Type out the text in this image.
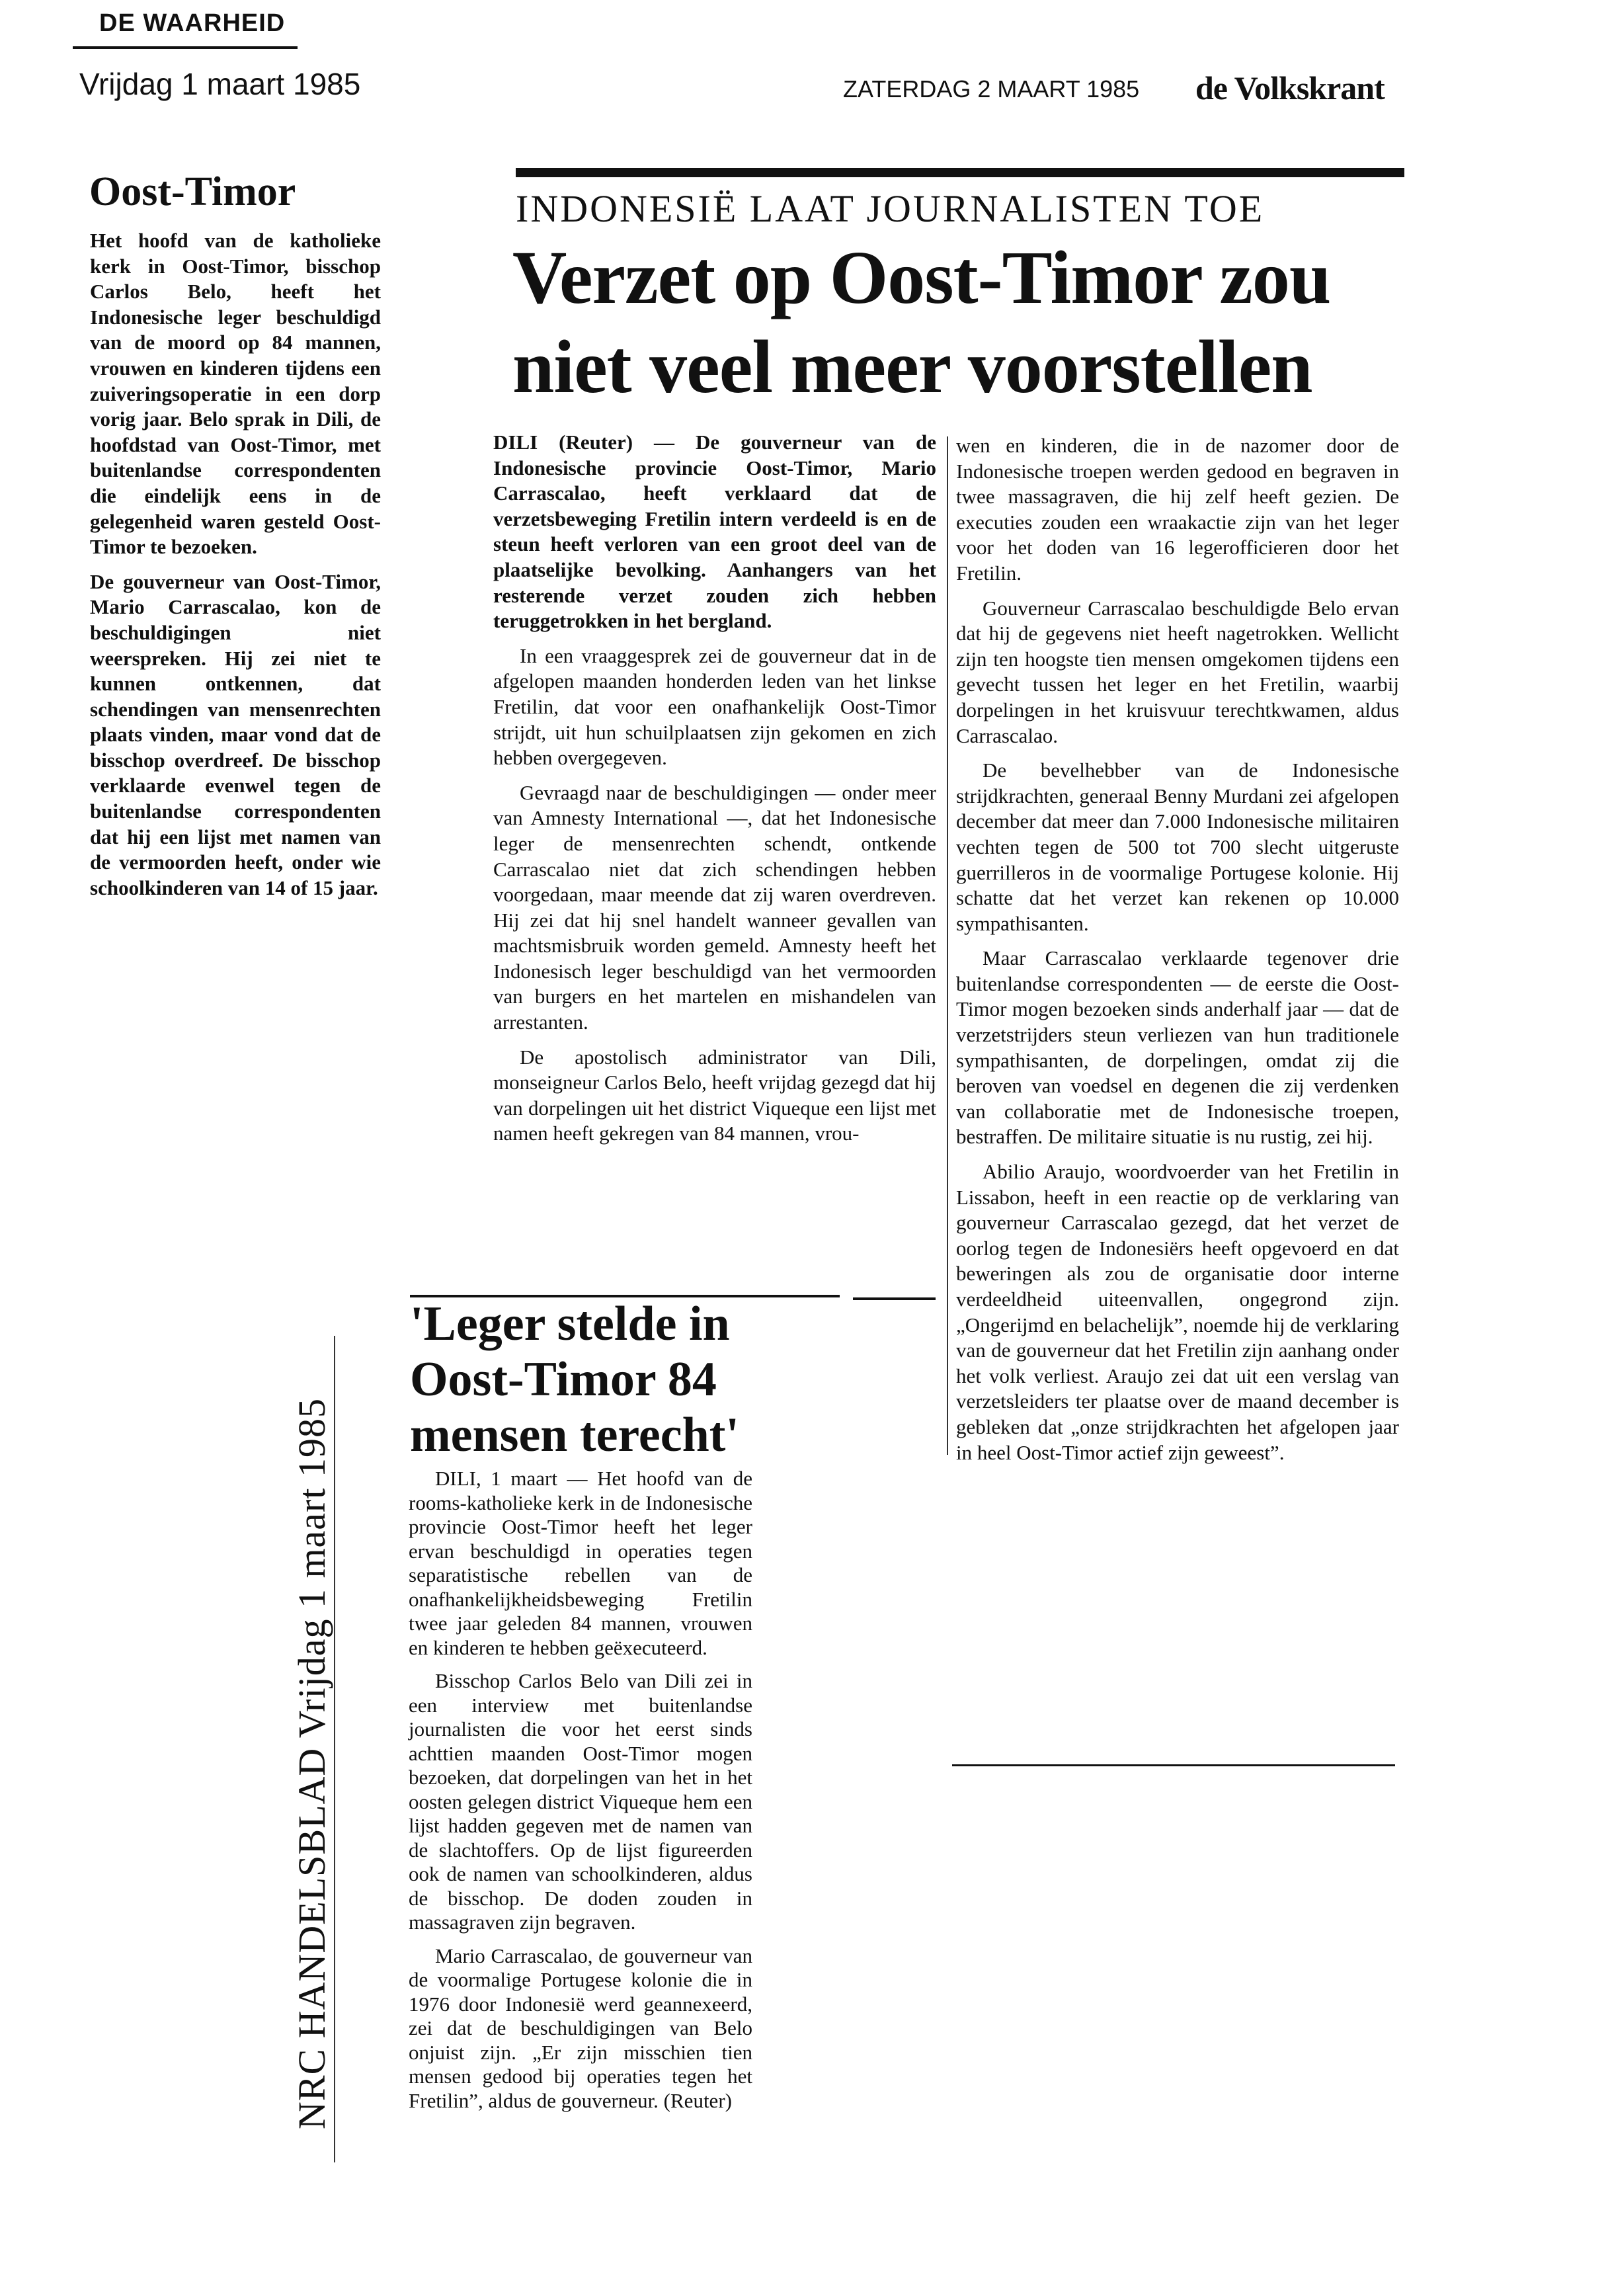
DE WAARHEID
Vrijdag 1 maart 1985
Oost-Timor

Het hoofd van de katholieke kerk in Oost-Timor, bisschop Carlos Belo, heeft het Indonesische leger beschuldigd van de moord op 84 mannen, vrouwen en kinderen tijdens een zuiveringsoperatie in een dorp vorig jaar. Belo sprak in Dili, de hoofdstad van Oost-Timor, met buitenlandse correspondenten die eindelijk eens in de gelegenheid waren gesteld Oost-Timor te bezoeken.

De gouverneur van Oost-Timor, Mario Carrascalao, kon de beschuldigingen niet weerspreken. Hij zei niet te kunnen ontkennen, dat schendingen van mensenrechten plaats vinden, maar vond dat de bisschop overdreef. De bisschop verklaarde evenwel tegen de buitenlandse correspondenten dat hij een lijst met namen van de vermoorden heeft, onder wie schoolkinderen van 14 of 15 jaar.

ZATERDAG 2 MAART 1985 de Volkskrant
INDONESIË LAAT JOURNALISTEN TOE
Verzet op Oost-Timor zou
niet veel meer voorstellen

DILI (Reuter) — De gouverneur van de Indonesische provincie Oost-Timor, Mario Carrascalao, heeft verklaard dat de verzetsbeweging Fretilin intern verdeeld is en de steun heeft verloren van een groot deel van de plaatselijke bevolking. Aanhangers van het resterende verzet zouden zich hebben teruggetrokken in het bergland.

In een vraaggesprek zei de gouverneur dat in de afgelopen maanden honderden leden van het linkse Fretilin, dat voor een onafhankelijk Oost-Timor strijdt, uit hun schuilplaatsen zijn gekomen en zich hebben overgegeven.

Gevraagd naar de beschuldigingen — onder meer van Amnesty International —, dat het Indonesische leger de mensenrechten schendt, ontkende Carrascalao niet dat zich schendingen hebben voorgedaan, maar meende dat zij waren overdreven. Hij zei dat hij snel handelt wanneer gevallen van machtsmisbruik worden gemeld. Amnesty heeft het Indonesisch leger beschuldigd van het vermoorden van burgers en het martelen en mishandelen van arrestanten.

De apostolisch administrator van Dili, monseigneur Carlos Belo, heeft vrijdag gezegd dat hij van dorpelingen uit het district Viqueque een lijst met namen heeft gekregen van 84 mannen, vrou-

wen en kinderen, die in de nazomer door de Indonesische troepen werden gedood en begraven in twee massagraven, die hij zelf heeft gezien. De executies zouden een wraakactie zijn van het leger voor het doden van 16 legerofficieren door het Fretilin.

Gouverneur Carrascalao beschuldigde Belo ervan dat hij de gegevens niet heeft nagetrokken. Wellicht zijn ten hoogste tien mensen omgekomen tijdens een gevecht tussen het leger en het Fretilin, waarbij dorpelingen in het kruisvuur terechtkwamen, aldus Carrascalao.

De bevelhebber van de Indonesische strijdkrachten, generaal Benny Murdani zei afgelopen december dat meer dan 7.000 Indonesische militairen vechten tegen de 500 tot 700 slecht uitgeruste guerrilleros in de voormalige Portugese kolonie. Hij schatte dat het verzet kan rekenen op 10.000 sympathisanten.

Maar Carrascalao verklaarde tegenover drie buitenlandse correspondenten — de eerste die Oost-Timor mogen bezoeken sinds anderhalf jaar — dat de verzetstrijders steun verliezen van hun traditionele sympathisanten, de dorpelingen, omdat zij die beroven van voedsel en degenen die zij verdenken van collaboratie met de Indonesische troepen, bestraffen. De militaire situatie is nu rustig, zei hij.

Abilio Araujo, woordvoerder van het Fretilin in Lissabon, heeft in een reactie op de verklaring van gouverneur Carrascalao gezegd, dat het verzet de oorlog tegen de Indonesiërs heeft opgevoerd en dat beweringen als zou de organisatie door interne verdeeldheid uiteenvallen, ongegrond zijn. „Ongerijmd en belachelijk”, noemde hij de verklaring van de gouverneur dat het Fretilin zijn aanhang onder het volk verliest. Araujo zei dat uit een verslag van verzetsleiders ter plaatse over de maand december is gebleken dat „onze strijdkrachten het afgelopen jaar in heel Oost-Timor actief zijn geweest”.

NRC HANDELSBLAD Vrijdag 1 maart 1985
'Leger stelde in
Oost-Timor 84
mensen terecht'

DILI, 1 maart — Het hoofd van de rooms-katholieke kerk in de Indonesische provincie Oost-Timor heeft het leger ervan beschuldigd in operaties tegen separatistische rebellen van de onafhankelijkheidsbeweging Fretilin twee jaar geleden 84 mannen, vrouwen en kinderen te hebben geëxecuteerd.

Bisschop Carlos Belo van Dili zei in een interview met buitenlandse journalisten die voor het eerst sinds achttien maanden Oost-Timor mogen bezoeken, dat dorpelingen van het in het oosten gelegen district Viqueque hem een lijst hadden gegeven met de namen van de slachtoffers. Op de lijst figureerden ook de namen van schoolkinderen, aldus de bisschop. De doden zouden in massagraven zijn begraven.

Mario Carrascalao, de gouverneur van de voormalige Portugese kolonie die in 1976 door Indonesië werd geannexeerd, zei dat de beschuldigingen van Belo onjuist zijn. „Er zijn misschien tien mensen gedood bij operaties tegen het Fretilin”, aldus de gouverneur. (Reuter)
